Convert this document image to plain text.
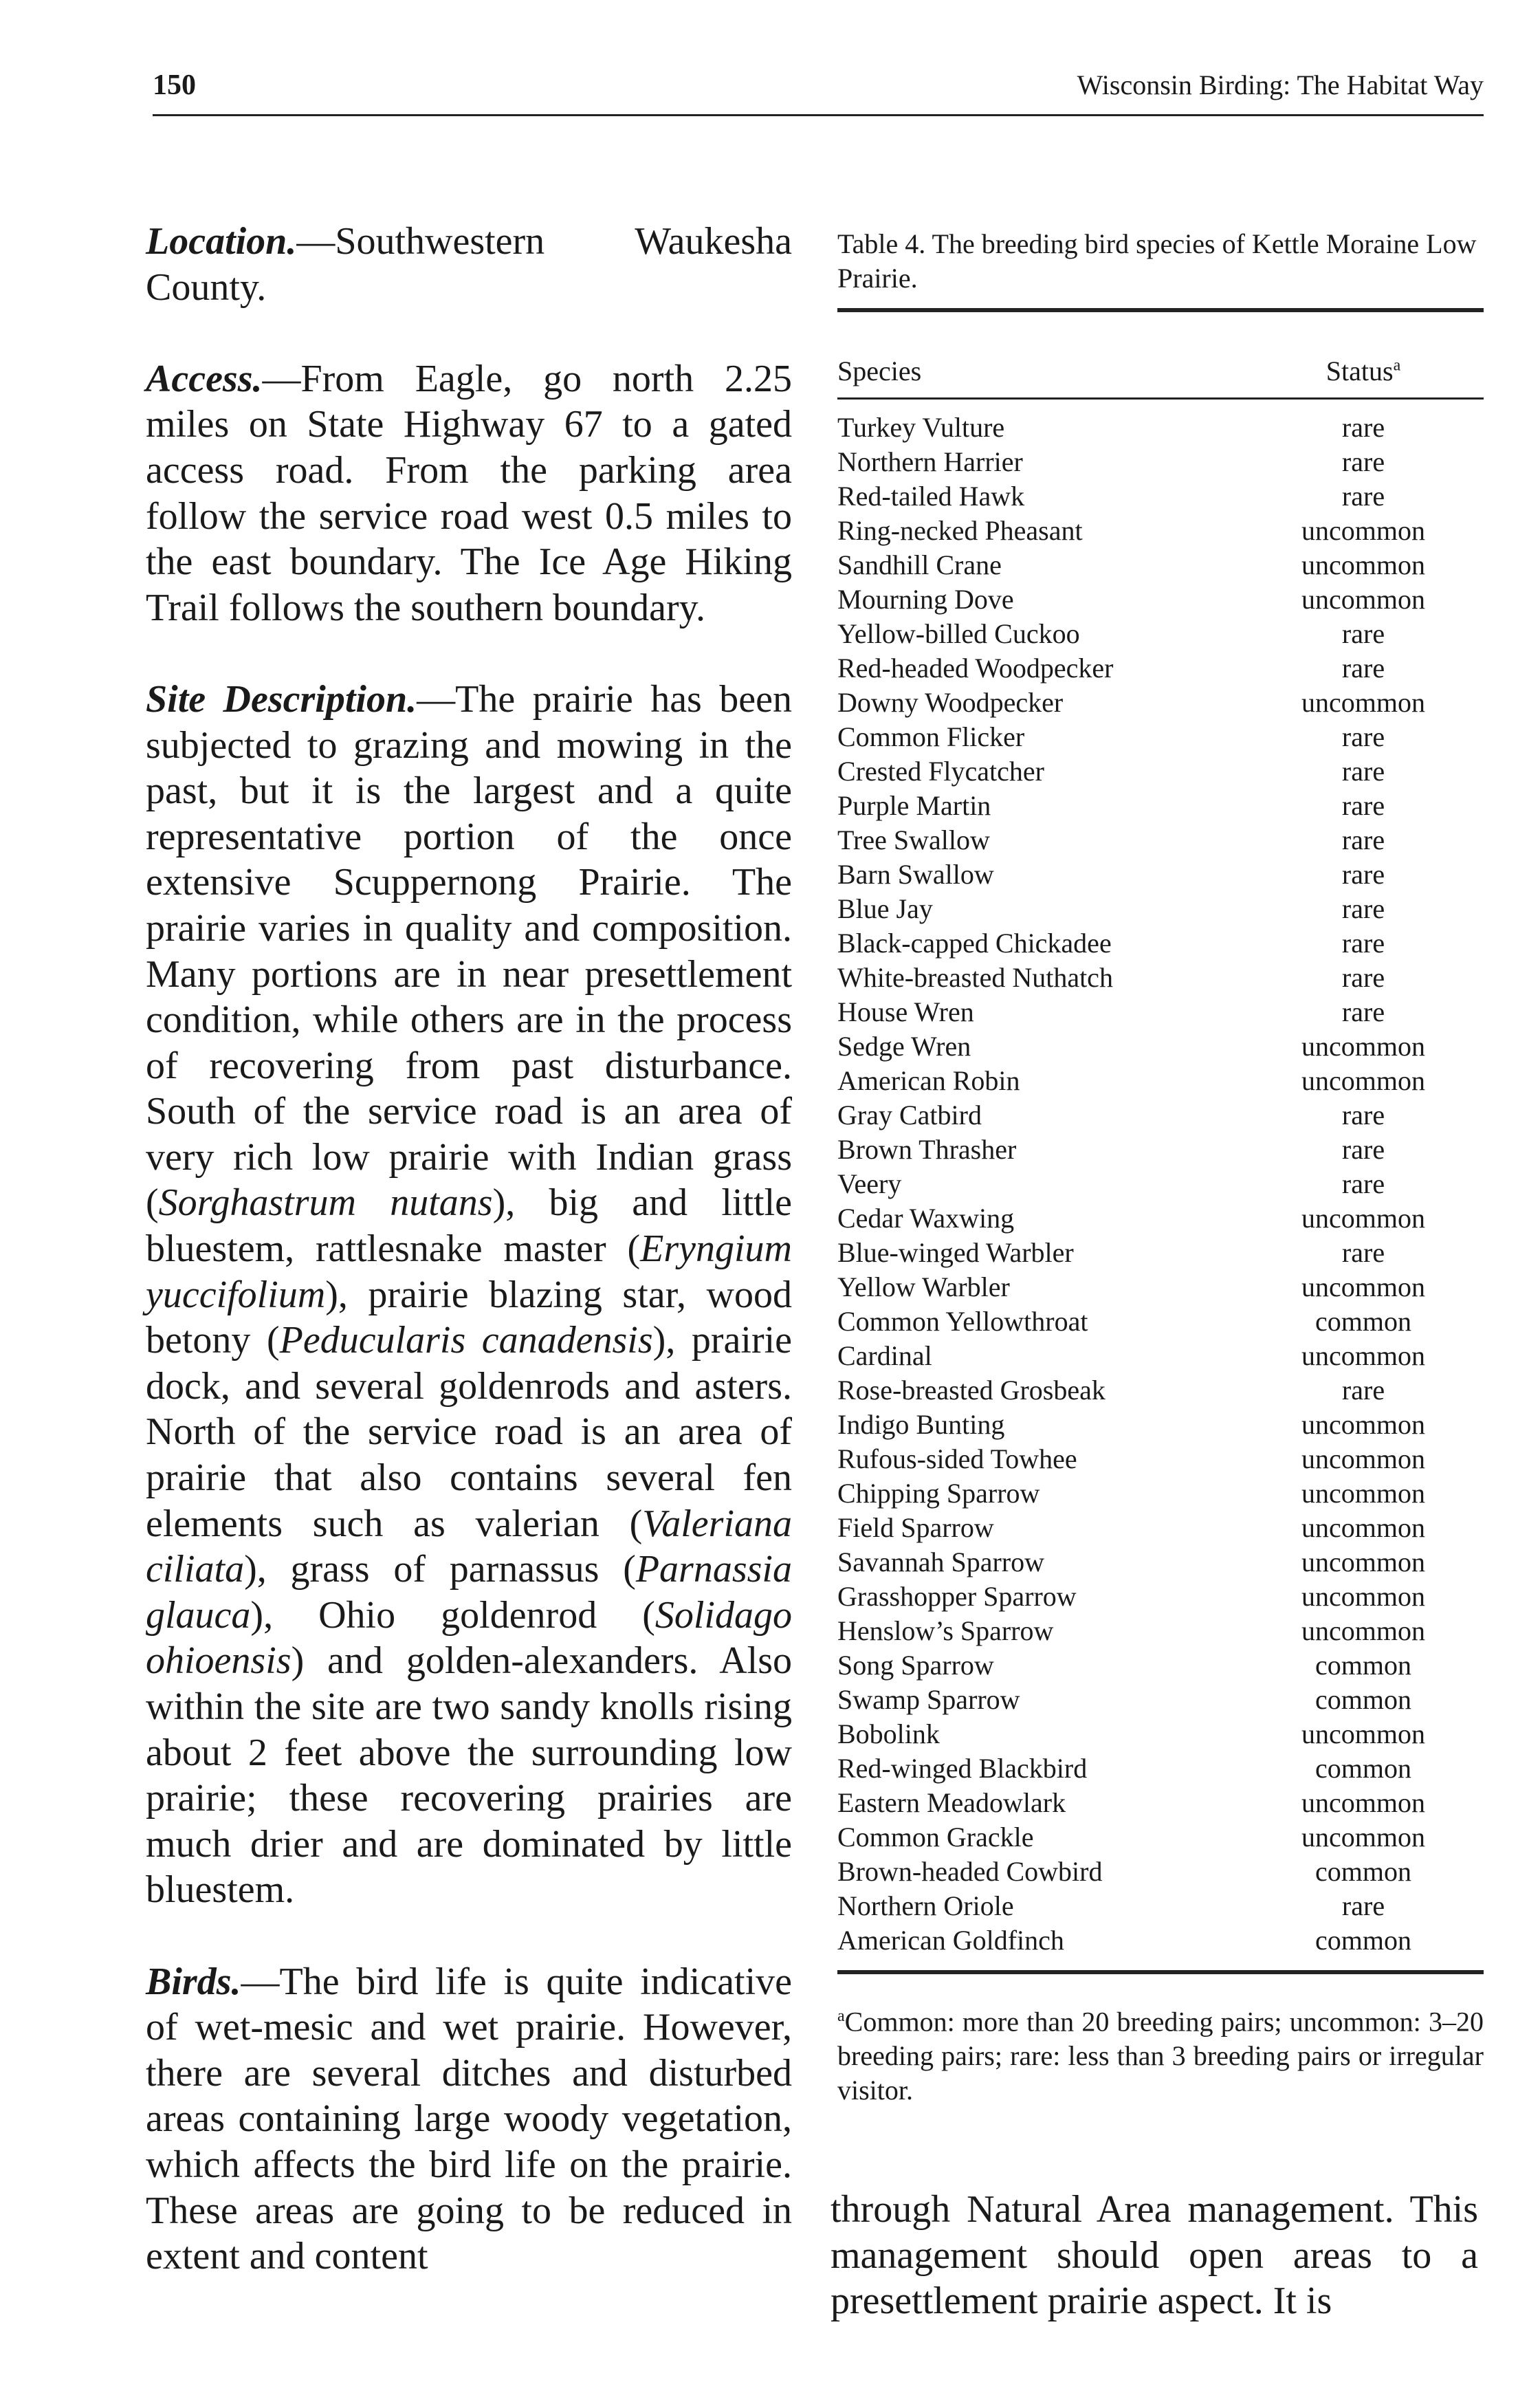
150	Wisconsin Birding: The Habitat Way

Location.—Southwestern Waukesha County.

Access.—From Eagle, go north 2.25 miles on State Highway 67 to a gated access road. From the parking area follow the service road west 0.5 miles to the east boundary. The Ice Age Hiking Trail follows the southern boundary.

Site Description.—The prairie has been subjected to grazing and mowing in the past, but it is the largest and a quite representative portion of the once extensive Scuppernong Prairie. The prairie varies in quality and composition. Many portions are in near presettlement condition, while others are in the process of recovering from past disturbance. South of the service road is an area of very rich low prairie with Indian grass (Sorghastrum nutans), big and little bluestem, rattlesnake master (Eryngium yuccifolium), prairie blazing star, wood betony (Peducularis canadensis), prairie dock, and several goldenrods and asters. North of the service road is an area of prairie that also contains several fen elements such as valerian (Valeriana ciliata), grass of parnassus (Parnassia glauca), Ohio goldenrod (Solidago ohioensis) and golden-alexanders. Also within the site are two sandy knolls rising about 2 feet above the surrounding low prairie; these recovering prairies are much drier and are dominated by little bluestem.

Birds.—The bird life is quite indicative of wet-mesic and wet prairie. However, there are several ditches and disturbed areas containing large woody vegetation, which affects the bird life on the prairie. These areas are going to be reduced in extent and content

Table 4. The breeding bird species of Kettle Moraine Low Prairie.
Species	Status$^a$
Turkey Vulture	rare
Northern Harrier	rare
Red-tailed Hawk	rare
Ring-necked Pheasant	uncommon
Sandhill Crane	uncommon
Mourning Dove	uncommon
Yellow-billed Cuckoo	rare
Red-headed Woodpecker	rare
Downy Woodpecker	uncommon
Common Flicker	rare
Crested Flycatcher	rare
Purple Martin	rare
Tree Swallow	rare
Barn Swallow	rare
Blue Jay	rare
Black-capped Chickadee	rare
White-breasted Nuthatch	rare
House Wren	rare
Sedge Wren	uncommon
American Robin	uncommon
Gray Catbird	rare
Brown Thrasher	rare
Veery	rare
Cedar Waxwing	uncommon
Blue-winged Warbler	rare
Yellow Warbler	uncommon
Common Yellowthroat	common
Cardinal	uncommon
Rose-breasted Grosbeak	rare
Indigo Bunting	uncommon
Rufous-sided Towhee	uncommon
Chipping Sparrow	uncommon
Field Sparrow	uncommon
Savannah Sparrow	uncommon
Grasshopper Sparrow	uncommon
Henslow’s Sparrow	uncommon
Song Sparrow	common
Swamp Sparrow	common
Bobolink	uncommon
Red-winged Blackbird	common
Eastern Meadowlark	uncommon
Common Grackle	uncommon
Brown-headed Cowbird	common
Northern Oriole	rare
American Goldfinch	common
$^a$Common: more than 20 breeding pairs; uncommon: 3–20 breeding pairs; rare: less than 3 breeding pairs or irregular visitor.
through Natural Area management. This management should open areas to a presettlement prairie aspect. It is
